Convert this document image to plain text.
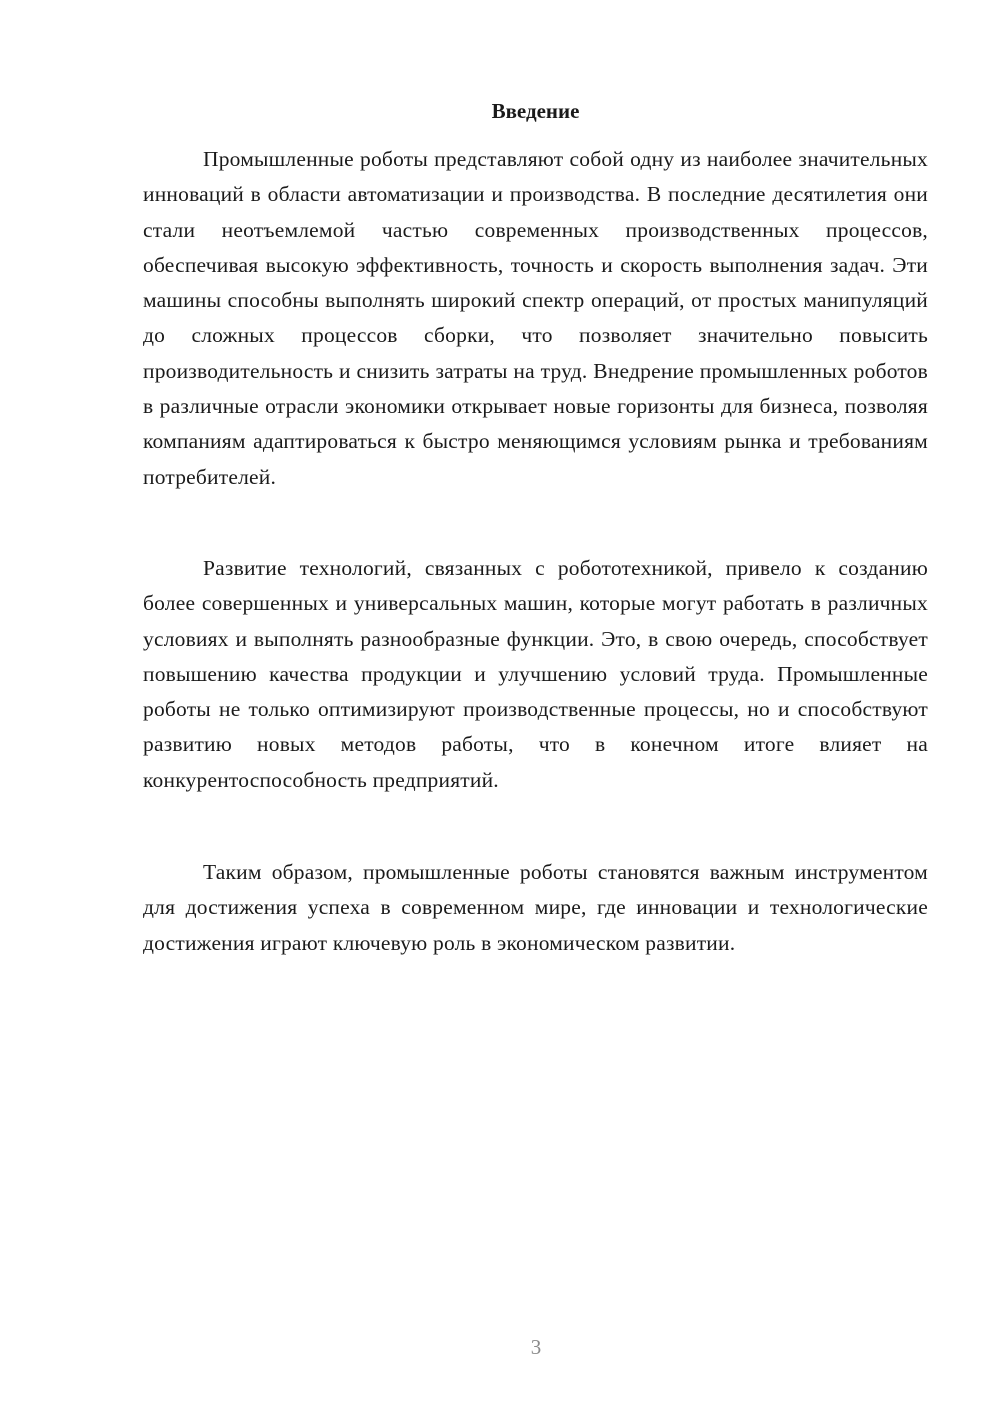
Введение

Промышленные роботы представляют собой одну из наиболее значительных инноваций в области автоматизации и производства. В последние десятилетия они стали неотъемлемой частью современных производственных процессов, обеспечивая высокую эффективность, точность и скорость выполнения задач. Эти машины способны выполнять широкий спектр операций, от простых манипуляций до сложных процессов сборки, что позволяет значительно повысить производительность и снизить затраты на труд. Внедрение промышленных роботов в различные отрасли экономики открывает новые горизонты для бизнеса, позволяя компаниям адаптироваться к быстро меняющимся условиям рынка и требованиям потребителей.

Развитие технологий, связанных с робототехникой, привело к созданию более совершенных и универсальных машин, которые могут работать в различных условиях и выполнять разнообразные функции. Это, в свою очередь, способствует повышению качества продукции и улучшению условий труда. Промышленные роботы не только оптимизируют производственные процессы, но и способствуют развитию новых методов работы, что в конечном итоге влияет на конкурентоспособность предприятий.

Таким образом, промышленные роботы становятся важным инструментом для достижения успеха в современном мире, где инновации и технологические достижения играют ключевую роль в экономическом развитии.

3
